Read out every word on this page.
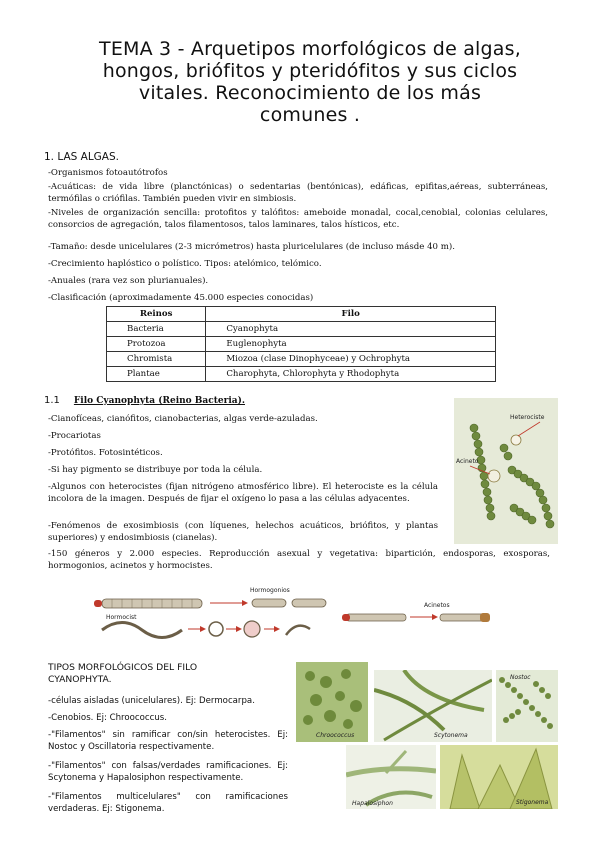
TEMA 3 - Arquetipos morfológicos de algas,
hongos, briófitos y pteridófitos y sus ciclos
vitales. Reconocimiento de los más
comunes .
1. LAS ALGAS.
-Organismos fotoautótrofos
-Acuáticas: de vida libre (planctónicas) o sedentarias (bentónicas), edáficas, epifitas,aéreas, subterráneas, termófilas o criófilas. También pueden vivir en simbiosis.
-Niveles de organización sencilla: protofitos y talófitos: ameboide monadal, cocal,cenobial, colonias celulares, consorcios de agregación, talos filamentosos, talos laminares, talos hísticos, etc.
-Tamaño: desde unicelulares (2-3 micrómetros) hasta pluricelulares (de incluso másde 40 m).
-Crecimiento haplóstico o polístico. Tipos: atelómico, telómico.
-Anuales (rara vez son plurianuales).
-Clasificación (aproximadamente 45.000 especies conocidas)
Reinos	Filo
Bacteria	Cyanophyta
Protozoa	Euglenophyta
Chromista	Miozoa (clase Dinophyceae) y Ochrophyta
Plantae	Charophyta, Chlorophyta y Rhodophyta
1.1 Filo Cyanophyta (Reino Bacteria).
-Cianofíceas, cianófitos, cianobacterias, algas verde-azuladas.
-Procariotas
-Protófitos. Fotosintéticos.
-Si hay pigmento se distribuye por toda la célula.
-Algunos con heterocistes (fijan nitrógeno atmosférico libre). El heterociste es la célula incolora de la imagen. Después de fijar el oxígeno lo pasa a las células adyacentes.
-Fenómenos de exosimbiosis (con líquenes, helechos acuáticos, briófitos, y plantas superiores) y endosimbiosis (cianelas).
-150 géneros y 2.000 especies. Reproducción asexual y vegetativa: bipartición, endosporas, exosporas, hormogonios, acinetos y hormocistes.
Acineto
Heterociste
Hormogonios
Hormocist
Acinetos
TIPOS MORFOLÓGICOS DEL FILO
CYANOPHYTA.
-células aisladas (unicelulares). Ej: Dermocarpa.
-Cenobios. Ej: Chroococcus.
-"Filamentos" sin ramificar con/sin heterocistes. Ej: Nostoc y Oscillatoria respectivamente.
-"Filamentos" con falsas/verdades ramificaciones. Ej: Scytonema y Hapalosiphon respectivamente.
-"Filamentos multicelulares" con ramificaciones verdaderas. Ej: Stigonema.
Chroococcus	Scytonema
Nostoc
Hapalosiphon	Stigonema
